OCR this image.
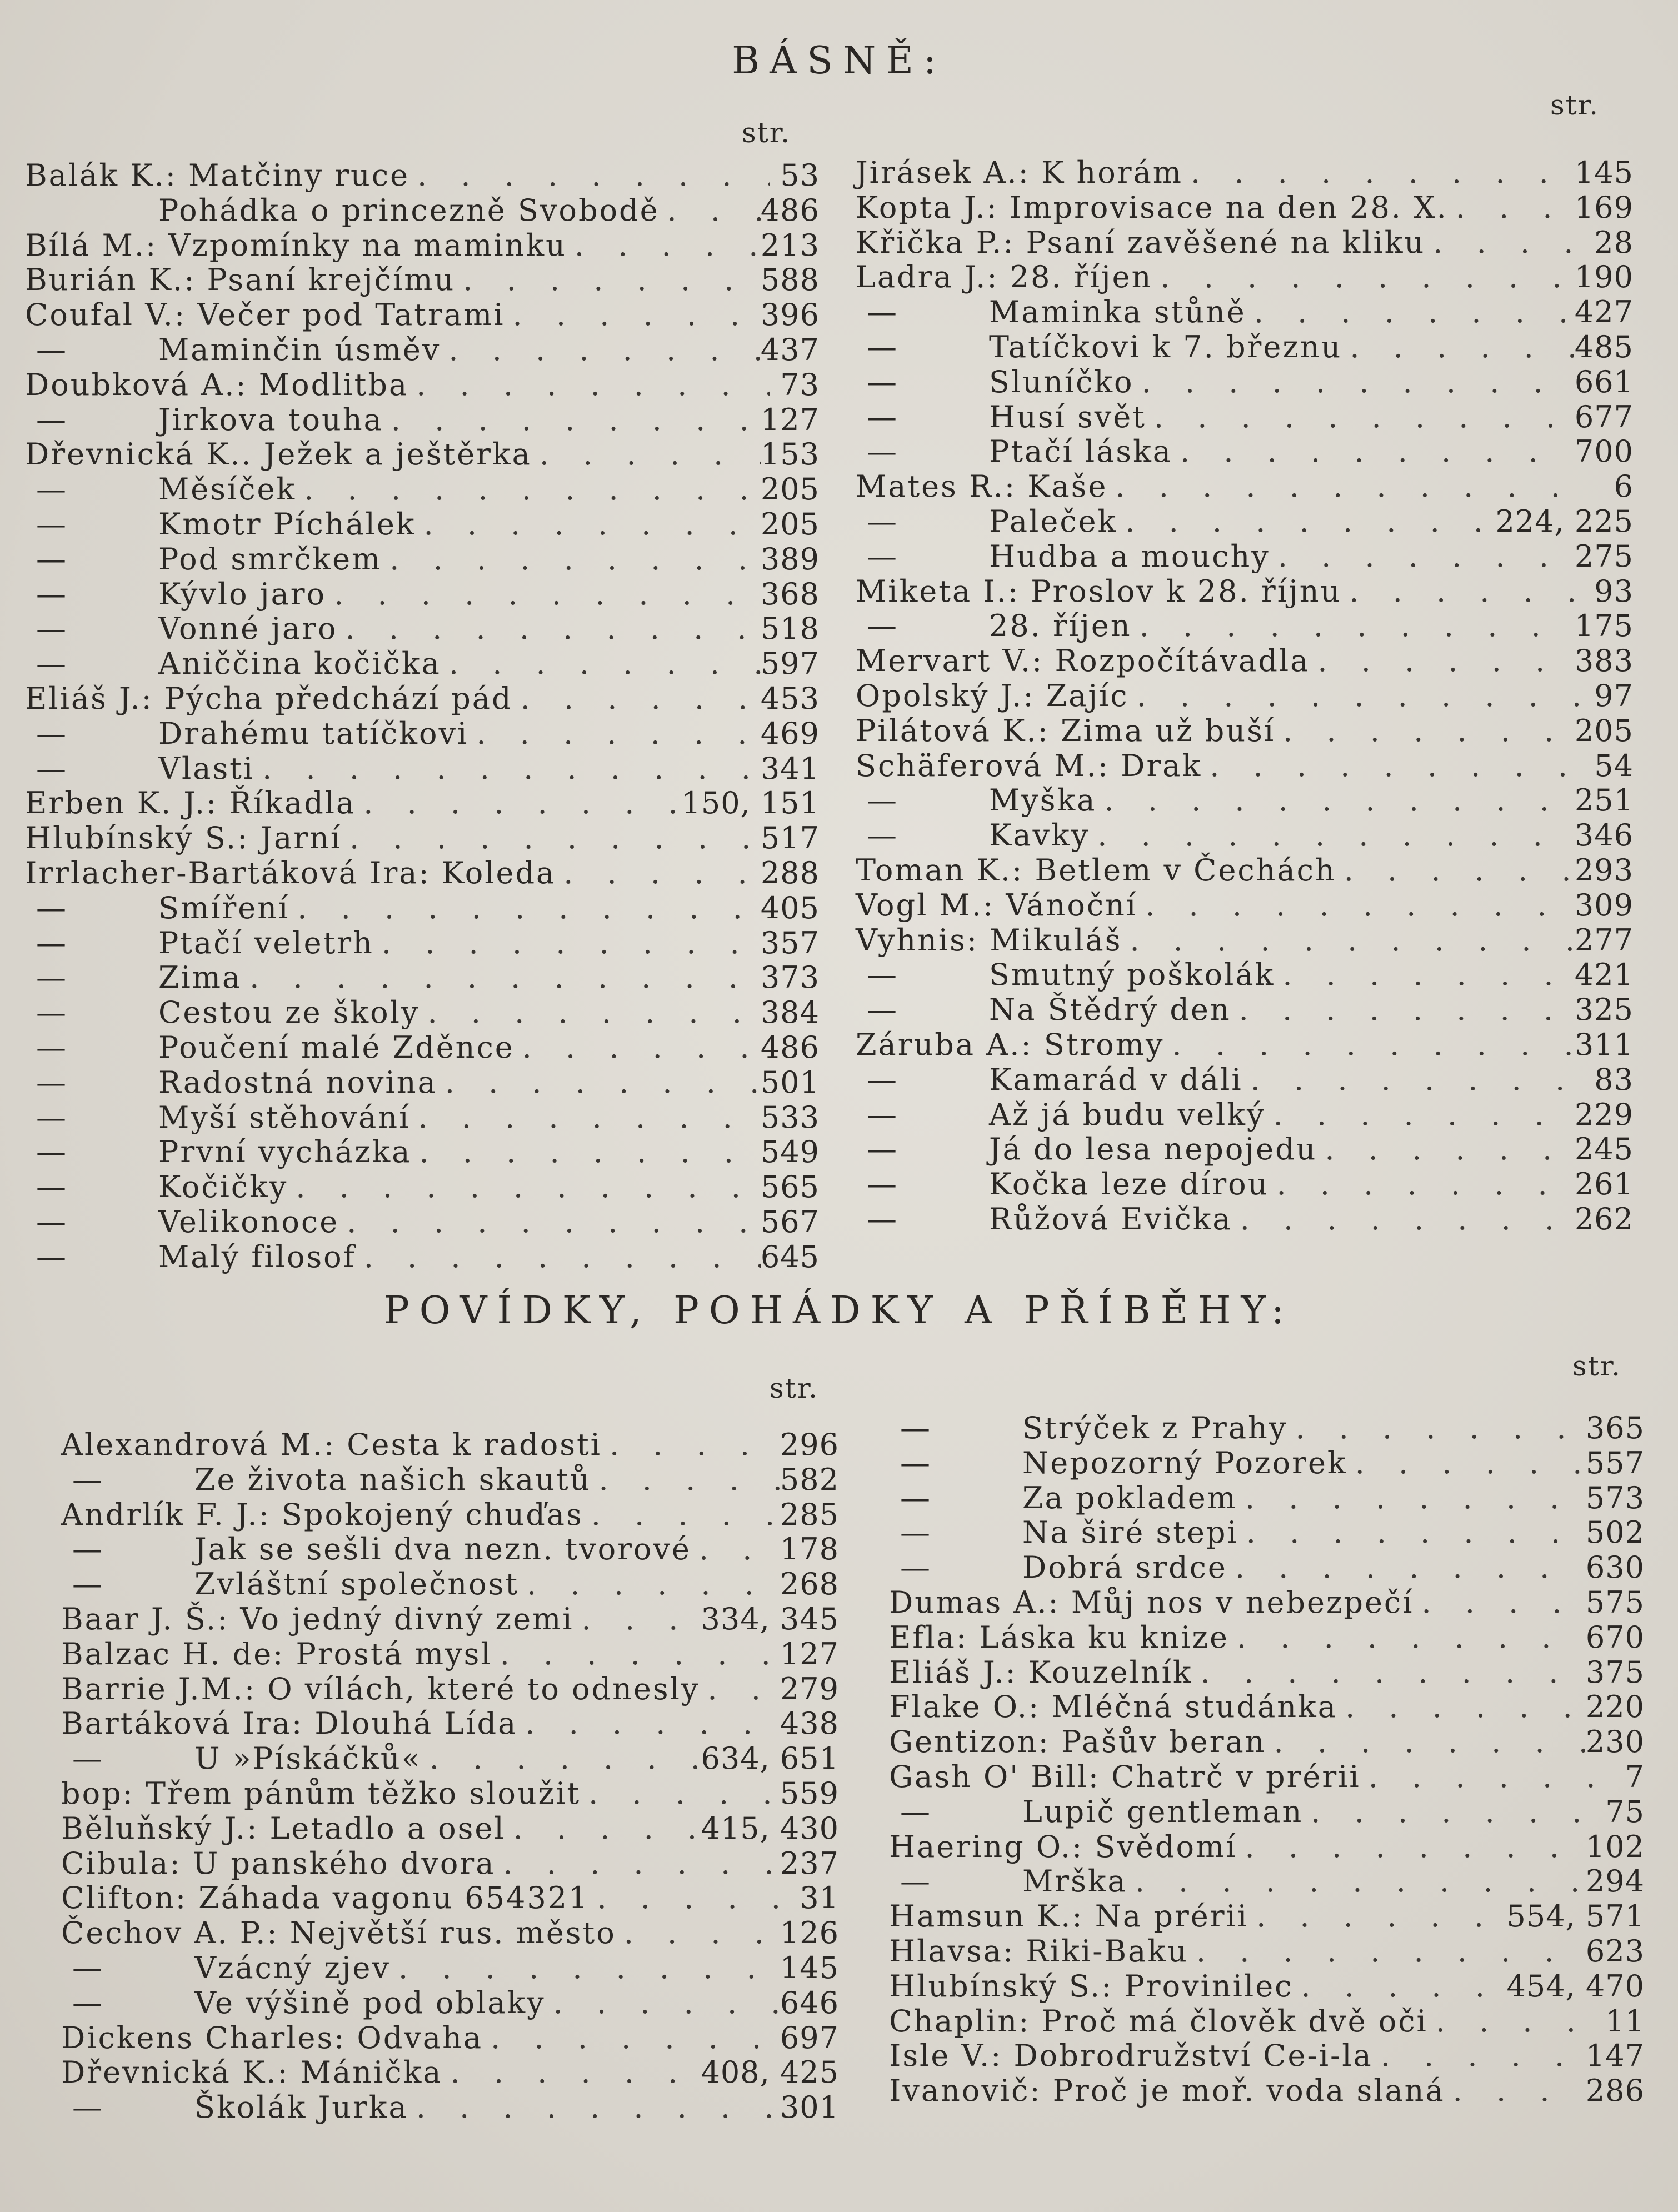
BÁSNĚ:
str.
str.
Balák K.: Matčiny ruce . . .	53
Pohádka o princezně Svobodě . . .	486
Bílá M.: Vzpomínky na maminku . . .	213
Burián K.: Psaní krejčímu . . .	588
Coufal V.: Večer pod Tatrami . . .	396
—	Maminčin úsměv . . .	437
Doubková A.: Modlitba . . .	73
—	Jirkova touha . . .	127
Dřevnická K.. Ježek a ještěrka . . .	153
—	Měsíček . . .	205
—	Kmotr Píchálek . . .	205
—	Pod smrčkem . . .	389
—	Kývlo jaro . . .	368
—	Vonné jaro . . .	518
—	Aniččina kočička . . .	597
Eliáš J.: Pýcha předchází pád . . .	453
—	Drahému tatíčkovi . . .	469
—	Vlasti . . .	341
Erben K. J.: Říkadla . . .	150, 151
Hlubínský S.: Jarní . . .	517
Irrlacher-Bartáková Ira: Koleda . . .	288
—	Smíření . . .	405
—	Ptačí veletrh . . .	357
—	Zima . . .	373
—	Cestou ze školy . . .	384
—	Poučení malé Zděnce . . .	486
—	Radostná novina . . .	501
—	Myší stěhování . . .	533
—	První vycházka . . .	549
—	Kočičky . . .	565
—	Velikonoce . . .	567
—	Malý filosof . . .	645
Jirásek A.: K horám . . .	145
Kopta J.: Improvisace na den 28. X. . . .	169
Křička P.: Psaní zavěšené na kliku . . .	28
Ladra J.: 28. říjen . . .	190
—	Maminka stůně . . .	427
—	Tatíčkovi k 7. březnu . . .	485
—	Sluníčko . . .	661
—	Husí svět . . .	677
—	Ptačí láska . . .	700
Mates R.: Kaše . . .	6
—	Paleček . . .	224, 225
—	Hudba a mouchy . . .	275
Miketa I.: Proslov k 28. říjnu . . .	93
—	28. říjen . . .	175
Mervart V.: Rozpočítávadla . . .	383
Opolský J.: Zajíc . . .	97
Pilátová K.: Zima už buší . . .	205
Schäferová M.: Drak . . .	54
—	Myška . . .	251
—	Kavky . . .	346
Toman K.: Betlem v Čechách . . .	293
Vogl M.: Vánoční . . .	309
Vyhnis: Mikuláš . . .	277
—	Smutný poškolák . . .	421
—	Na Štědrý den . . .	325
Záruba A.: Stromy . . .	311
—	Kamarád v dáli . . .	83
—	Až já budu velký . . .	229
—	Já do lesa nepojedu . . .	245
—	Kočka leze dírou . . .	261
—	Růžová Evička . . .	262
POVÍDKY, POHÁDKY A PŘÍBĚHY:
str.
str.
Alexandrová M.: Cesta k radosti . . .	296
—	Ze života našich skautů . . .	582
Andrlík F. J.: Spokojený chuďas . . .	285
—	Jak se sešli dva nezn. tvorové . . .	178
—	Zvláštní společnost . . .	268
Baar J. Š.: Vo jedný divný zemi . . .	334, 345
Balzac H. de: Prostá mysl . . .	127
Barrie J.M.: O vílách, které to odnesly . . .	279
Bartáková Ira: Dlouhá Lída . . .	438
—	U »Pískáčků« . . .	634, 651
bop: Třem pánům těžko sloužit . . .	559
Běluňský J.: Letadlo a osel . . .	415, 430
Cibula: U panského dvora . . .	237
Clifton: Záhada vagonu 654321 . . .	31
Čechov A. P.: Největší rus. město . . .	126
—	Vzácný zjev . . .	145
—	Ve výšině pod oblaky . . .	646
Dickens Charles: Odvaha . . .	697
Dřevnická K.: Mánička . . .	408, 425
—	Školák Jurka . . .	301
—	Strýček z Prahy . . .	365
—	Nepozorný Pozorek . . .	557
—	Za pokladem . . .	573
—	Na širé stepi . . .	502
—	Dobrá srdce . . .	630
Dumas A.: Můj nos v nebezpečí . . .	575
Efla: Láska ku knize . . .	670
Eliáš J.: Kouzelník . . .	375
Flake O.: Mléčná studánka . . .	220
Gentizon: Pašův beran . . .	230
Gash O' Bill: Chatrč v prérii . . .	7
—	Lupič gentleman . . .	75
Haering O.: Svědomí . . .	102
—	Mrška . . .	294
Hamsun K.: Na prérii . . .	554, 571
Hlavsa: Riki-Baku . . .	623
Hlubínský S.: Provinilec . . .	454, 470
Chaplin: Proč má člověk dvě oči . . .	11
Isle V.: Dobrodružství Ce-i-la . . .	147
Ivanovič: Proč je moř. voda slaná . . .	286
